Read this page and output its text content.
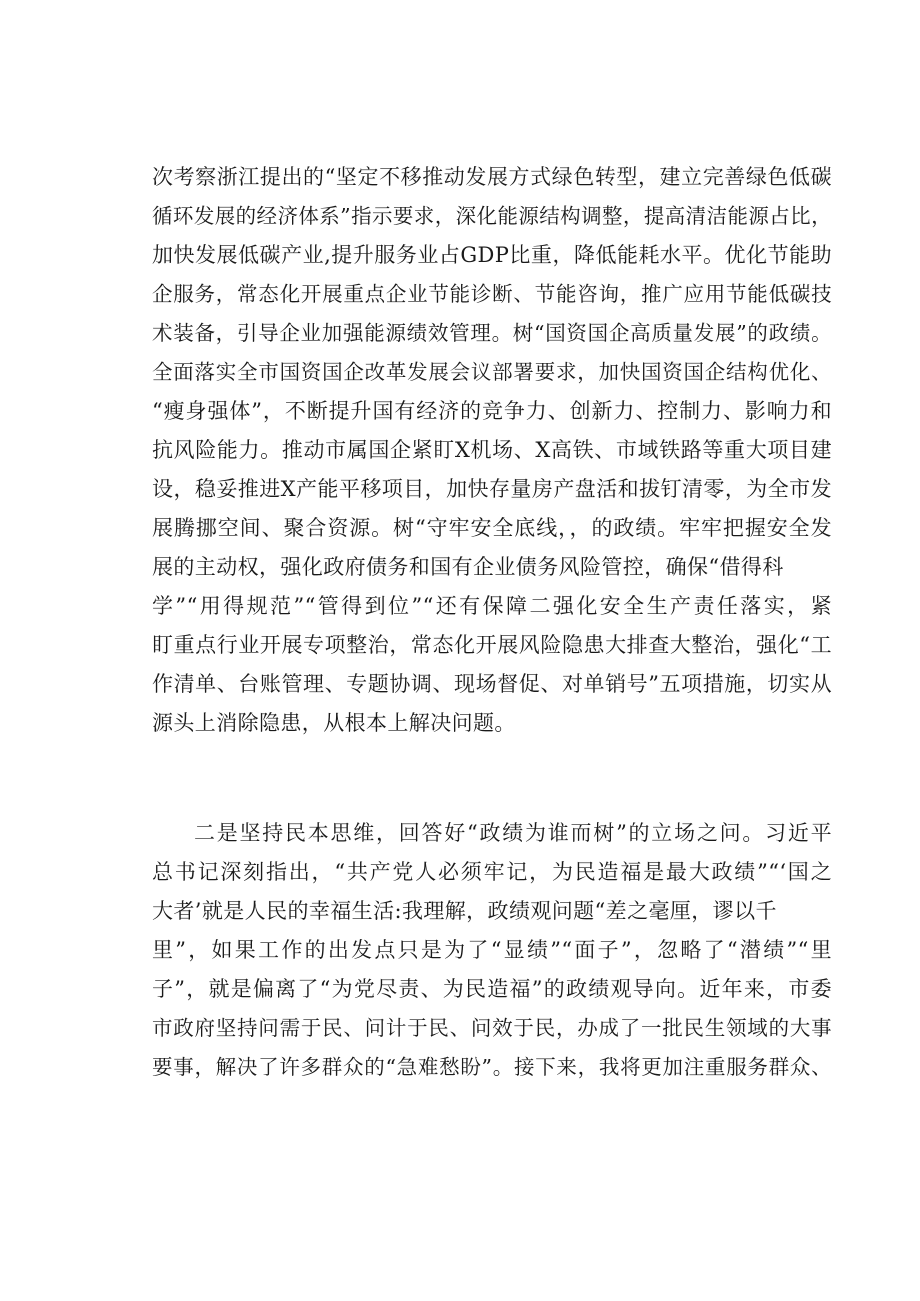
次考察浙江提出的“坚定不移推动发展方式绿色转型，建立完善绿色低碳
循环发展的经济体系”指示要求，深化能源结构调整，提高清洁能源占比，
加快发展低碳产业,提升服务业占GDP比重，降低能耗水平。优化节能助
企服务，常态化开展重点企业节能诊断、节能咨询，推广应用节能低碳技
术装备，引导企业加强能源绩效管理。树“国资国企高质量发展”的政绩。
全面落实全市国资国企改革发展会议部署要求，加快国资国企结构优化、
“瘦身强体”，不断提升国有经济的竞争力、创新力、控制力、影响力和
抗风险能力。推动市属国企紧盯X机场、X高铁、市域铁路等重大项目建
设，稳妥推进X产能平移项目，加快存量房产盘活和拔钉清零，为全市发
展腾挪空间、聚合资源。树“守牢安全底线，，的政绩。牢牢把握安全发
展的主动权，强化政府债务和国有企业债务风险管控，确保“借得科
学”“用得规范”“管得到位”“还有保障二强化安全生产责任落实，紧
盯重点行业开展专项整治，常态化开展风险隐患大排查大整治，强化“工
作清单、台账管理、专题协调、现场督促、对单销号”五项措施，切实从
源头上消除隐患，从根本上解决问题。
二是坚持民本思维，回答好“政绩为谁而树”的立场之问。习近平
总书记深刻指出，“共产党人必须牢记，为民造福是最大政绩”“‘国之
大者’就是人民的幸福生活:我理解，政绩观问题“差之毫厘，谬以千
里”，如果工作的出发点只是为了“显绩”“面子”，忽略了“潜绩”“里
子”，就是偏离了“为党尽责、为民造福”的政绩观导向。近年来，市委
市政府坚持问需于民、问计于民、问效于民，办成了一批民生领域的大事
要事，解决了许多群众的“急难愁盼”。接下来，我将更加注重服务群众、
